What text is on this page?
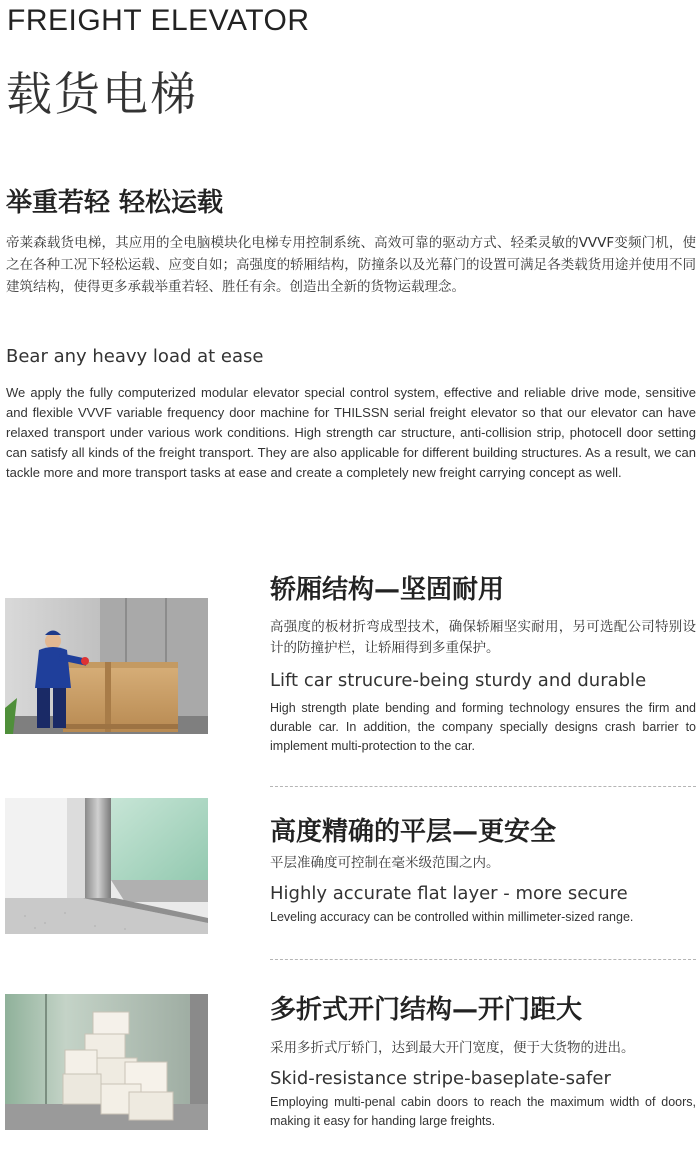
FREIGHT ELEVATOR
载货电梯
举重若轻 轻松运载
帝莱森载货电梯，其应用的全电脑模块化电梯专用控制系统、高效可靠的驱动方式、轻柔灵敏的VVVF变频门机，使之在各种工况下轻松运载、应变自如；高强度的轿厢结构，防撞条以及光幕门的设置可满足各类载货用途并使用不同建筑结构，使得更多承载举重若轻、胜任有余。创造出全新的货物运载理念。
Bear any heavy load at ease
We apply the fully computerized modular elevator special control system, effective and reliable drive mode, sensitive and flexible VVVF variable frequency door machine for THILSSN serial freight elevator so that our elevator can have relaxed transport under various work conditions. High strength car structure, anti-collision strip, photocell door setting can satisfy all kinds of the freight transport. They are also applicable for different building structures. As a result, we can tackle more and more transport tasks at ease and create a completely new freight carrying concept as well.
轿厢结构—坚固耐用
高强度的板材折弯成型技术，确保轿厢坚实耐用，另可选配公司特别设计的防撞护栏，让轿厢得到多重保护。
Lift car strucure-being sturdy and durable
High strength plate bending and forming technology ensures the firm and durable car. In addition, the company specially designs crash barrier to implement multi-protection to the car.
高度精确的平层—更安全
平层准确度可控制在毫米级范围之内。
Highly accurate flat layer - more secure
Leveling accuracy can be controlled within millimeter-sized range.
多折式开门结构—开门距大
采用多折式厅轿门，达到最大开门宽度，便于大货物的进出。
Skid-resistance stripe-baseplate-safer
Employing multi-penal cabin doors to reach the maximum width of doors, making it easy for handing large freights.
